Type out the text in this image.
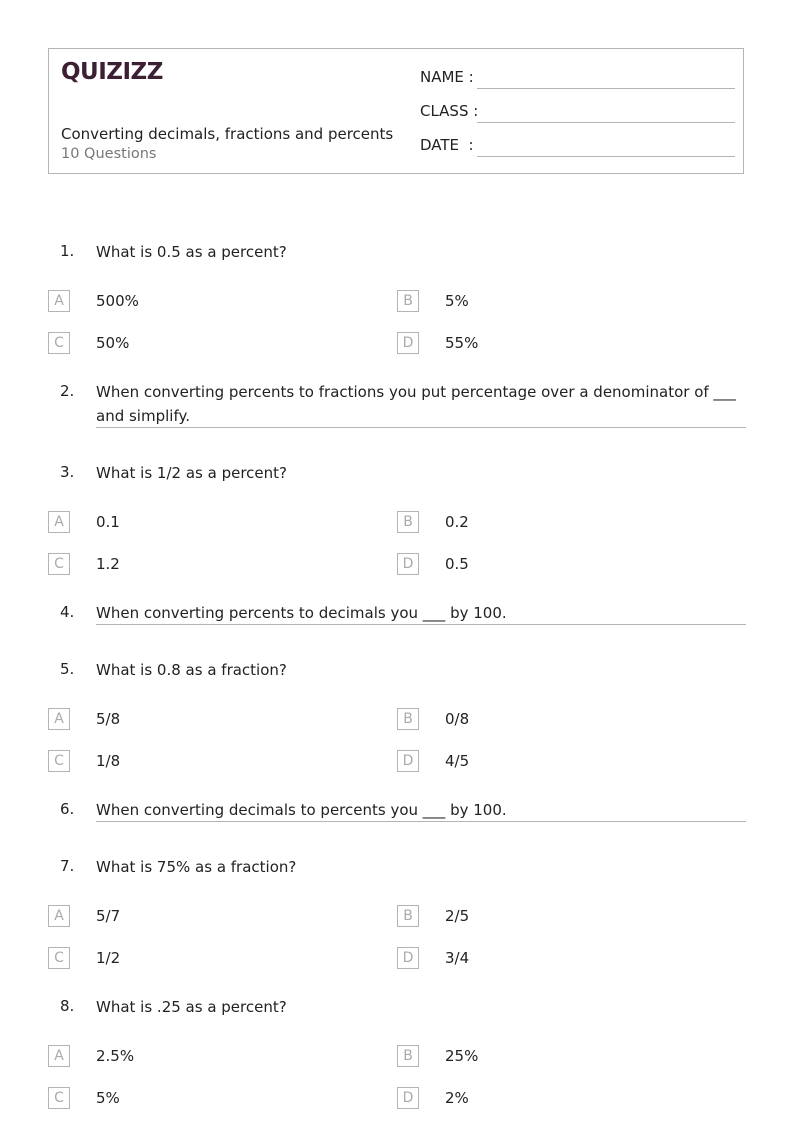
QUIZIZZ
Converting decimals, fractions and percents
10 Questions
NAME :
CLASS :
DATE  :
1. What is 0.5 as a percent?
A	500%	B	5%
C	50%	D	55%
2. When converting percents to fractions you put percentage over a denominator of ___ and simplify.
3. What is 1/2 as a percent?
A	0.1	B	0.2
C	1.2	D	0.5
4. When converting percents to decimals you ___ by 100.
5. What is 0.8 as a fraction?
A	5/8	B	0/8
C	1/8	D	4/5
6. When converting decimals to percents you ___ by 100.
7. What is 75% as a fraction?
A	5/7	B	2/5
C	1/2	D	3/4
8. What is .25 as a percent?
A	2.5%	B	25%
C	5%	D	2%
